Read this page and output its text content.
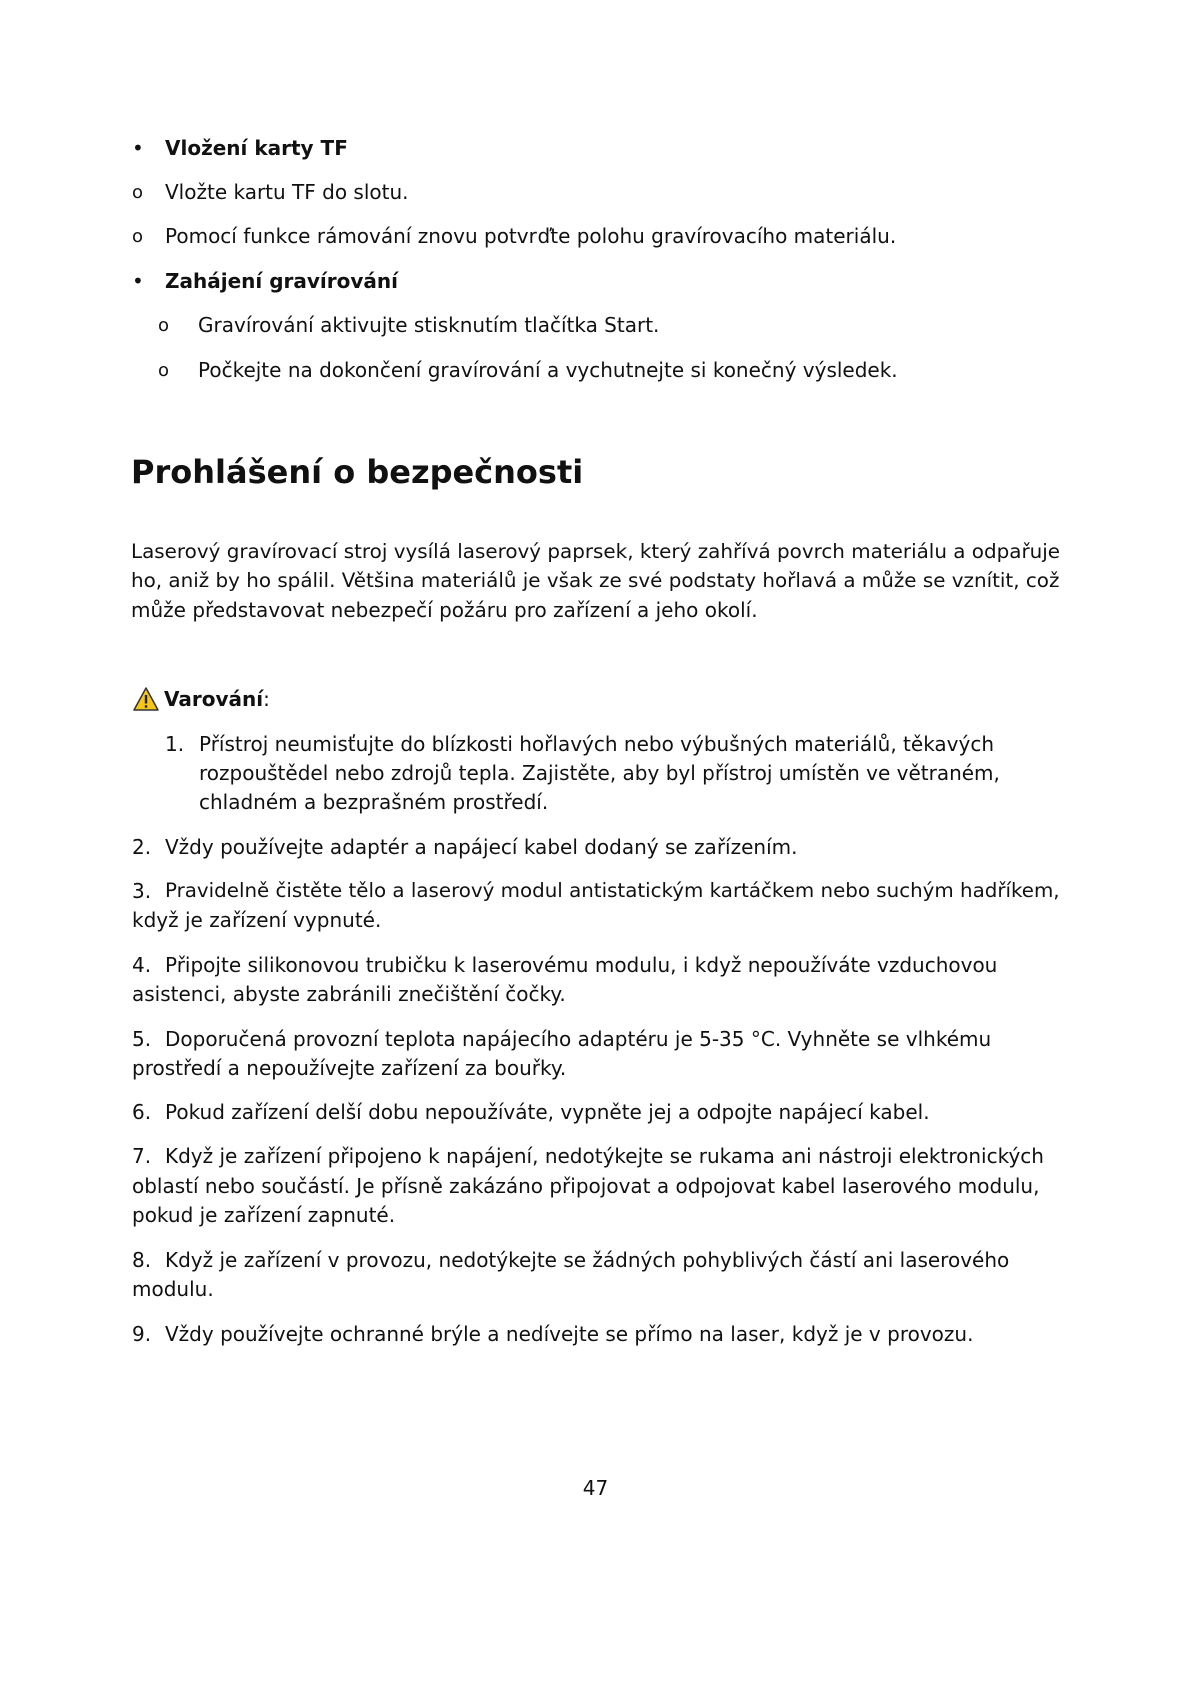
• Vložení karty TF
o Vložte kartu TF do slotu.
o Pomocí funkce rámování znovu potvrďte polohu gravírovacího materiálu.
• Zahájení gravírování
o Gravírování aktivujte stisknutím tlačítka Start.
o Počkejte na dokončení gravírování a vychutnejte si konečný výsledek.
Prohlášení o bezpečnosti
Laserový gravírovací stroj vysílá laserový paprsek, který zahřívá povrch materiálu a odpařuje
ho, aniž by ho spálil. Většina materiálů je však ze své podstaty hořlavá a může se vznítit, což
může představovat nebezpečí požáru pro zařízení a jeho okolí.
Varování:
1. Přístroj neumisťujte do blízkosti hořlavých nebo výbušných materiálů, těkavých
rozpouštědel nebo zdrojů tepla. Zajistěte, aby byl přístroj umístěn ve větraném,
chladném a bezprašném prostředí.
2. Vždy používejte adaptér a napájecí kabel dodaný se zařízením.
3. Pravidelně čistěte tělo a laserový modul antistatickým kartáčkem nebo suchým hadříkem,
když je zařízení vypnuté.
4. Připojte silikonovou trubičku k laserovému modulu, i když nepoužíváte vzduchovou
asistenci, abyste zabránili znečištění čočky.
5. Doporučená provozní teplota napájecího adaptéru je 5-35 °C. Vyhněte se vlhkému
prostředí a nepoužívejte zařízení za bouřky.
6. Pokud zařízení delší dobu nepoužíváte, vypněte jej a odpojte napájecí kabel.
7. Když je zařízení připojeno k napájení, nedotýkejte se rukama ani nástroji elektronických
oblastí nebo součástí. Je přísně zakázáno připojovat a odpojovat kabel laserového modulu,
pokud je zařízení zapnuté.
8. Když je zařízení v provozu, nedotýkejte se žádných pohyblivých částí ani laserového
modulu.
9. Vždy používejte ochranné brýle a nedívejte se přímo na laser, když je v provozu.
47
